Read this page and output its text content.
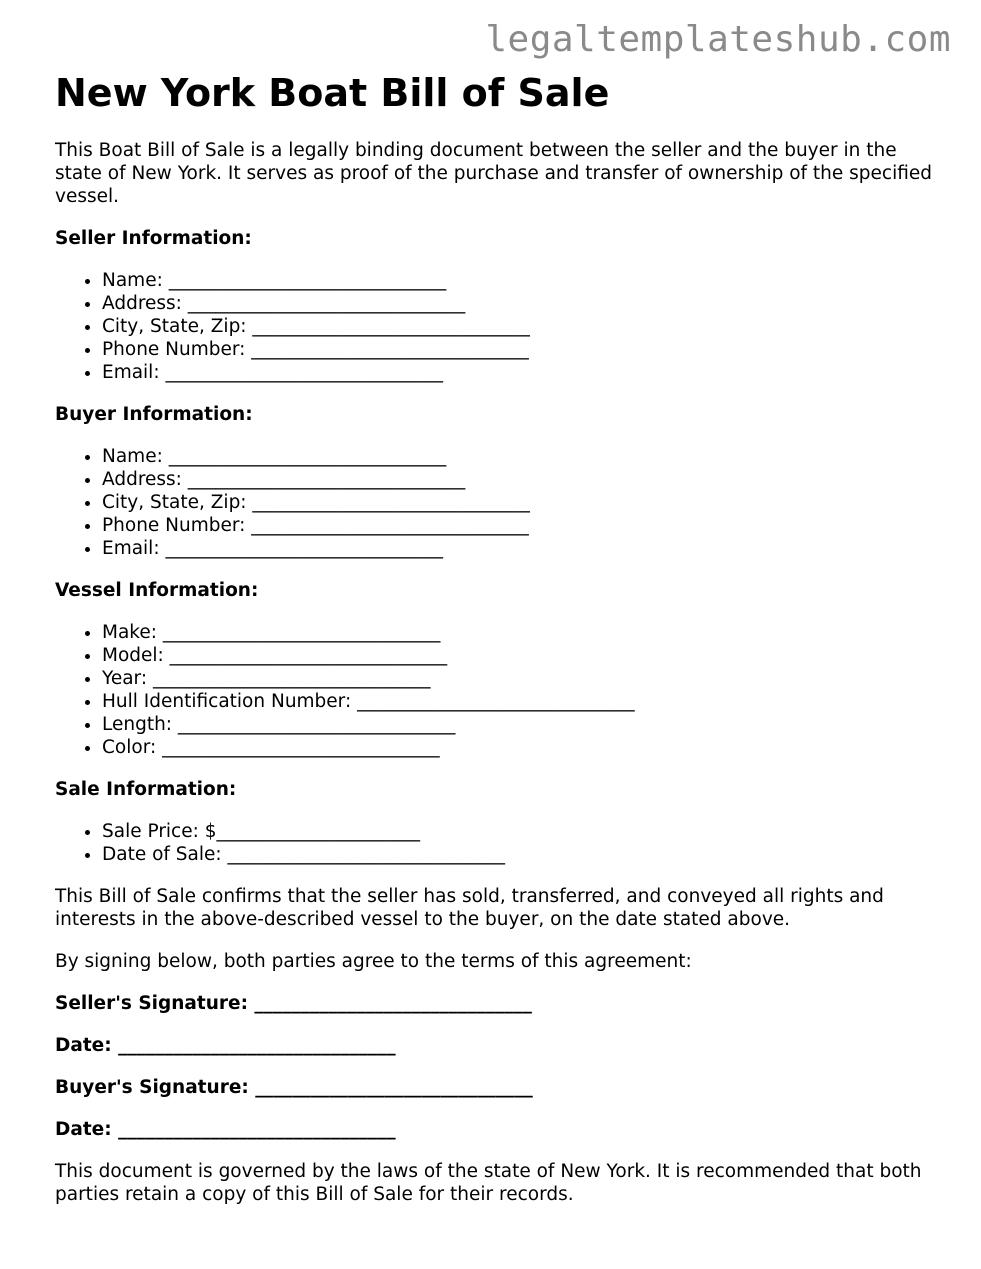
legaltemplateshub.com

New York Boat Bill of Sale

This Boat Bill of Sale is a legally binding document between the seller and the buyer in the state of New York. It serves as proof of the purchase and transfer of ownership of the specified vessel.

Seller Information:
• Name: ______________________________
• Address: ______________________________
• City, State, Zip: ______________________________
• Phone Number: ______________________________
• Email: ______________________________
Buyer Information:
• Name: ______________________________
• Address: ______________________________
• City, State, Zip: ______________________________
• Phone Number: ______________________________
• Email: ______________________________
Vessel Information:
• Make: ______________________________
• Model: ______________________________
• Year: ______________________________
• Hull Identification Number: ______________________________
• Length: ______________________________
• Color: ______________________________
Sale Information:
• Sale Price: $______________________
• Date of Sale: ______________________________

This Bill of Sale confirms that the seller has sold, transferred, and conveyed all rights and interests in the above-described vessel to the buyer, on the date stated above.

By signing below, both parties agree to the terms of this agreement:

Seller's Signature: ______________________________

Date: ______________________________

Buyer's Signature: ______________________________

Date: ______________________________

This document is governed by the laws of the state of New York. It is recommended that both parties retain a copy of this Bill of Sale for their records.
